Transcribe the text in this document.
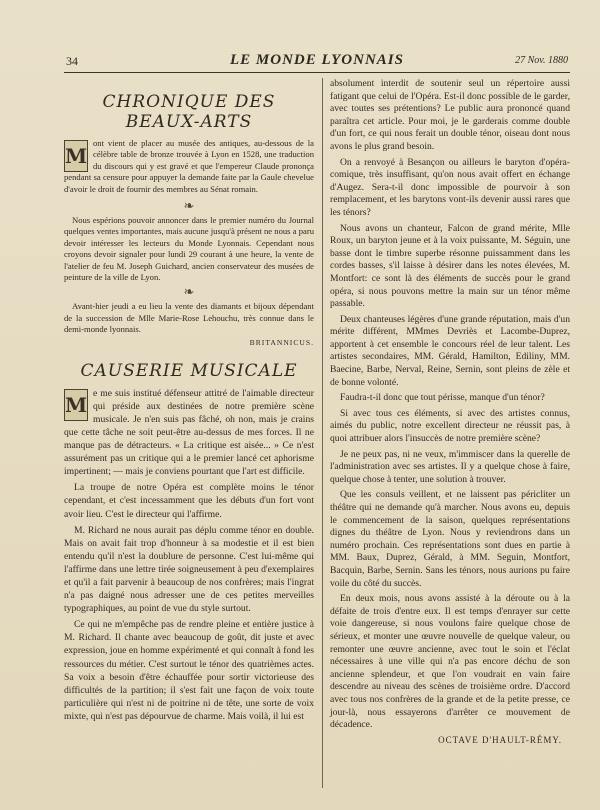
34	LE MONDE LYONNAIS	27 Nov. 1880
CHRONIQUE DES BEAUX-ARTS
M

ont vient de placer au musée des antiques, au-dessous de la célèbre table de bronze trouvée à Lyon en 1528, une traduction du discours qui y est gravé et que l'empereur Claude prononça pendant sa censure pour appuyer la demande faite par la Gaule chevelue d'avoir le droit de fournir des membres au Sénat romain.

❧

Nous espérions pouvoir annoncer dans le premier numéro du Journal quelques ventes importantes, mais aucune jusqu'à présent ne nous a paru devoir intéresser les lecteurs du Monde Lyonnais. Cependant nous croyons devoir signaler pour lundi 29 courant à une heure, la vente de l'atelier de feu M. Joseph Guichard, ancien conservateur des musées de peinture de la ville de Lyon.

❧

Avant-hier jeudi a eu lieu la vente des diamants et bijoux dépendant de la succession de Mlle Marie-Rose Lehouchu, très connue dans le demi-monde lyonnais.

BRITANNICUS.
CAUSERIE MUSICALE
M e me suis institué défenseur attitré de l'aimable directeur qui préside aux destinées de notre première scène musicale. Je n'en suis pas fâché, oh non, mais je crains que cette tâche ne soit peut-être au-dessus de mes forces. Il ne manque pas de détracteurs. « La critique est aisée... » Ce n'est assurément pas un critique qui a le premier lancé cet aphorisme impertinent; — mais je conviens pourtant que l'art est difficile.

La troupe de notre Opéra est complète moins le ténor cependant, et c'est incessamment que les débuts d'un fort vont avoir lieu. C'est le directeur qui l'affirme.

M. Richard ne nous aurait pas déplu comme ténor en double. Mais on avait fait trop d'honneur à sa modestie et il est bien entendu qu'il n'est la doublure de personne. C'est lui-même qui l'affirme dans une lettre tirée soigneusement à peu d'exemplaires et qu'il a fait parvenir à beaucoup de nos confrères; mais l'ingrat n'a pas daigné nous adresser une de ces petites merveilles typographiques, au point de vue du style surtout.

Ce qui ne m'empêche pas de rendre pleine et entière justice à M. Richard. Il chante avec beaucoup de goût, dit juste et avec expression, joue en homme expérimenté et qui connaît à fond les ressources du métier. C'est surtout le ténor des quatrièmes actes. Sa voix a besoin d'être échauffée pour sortir victorieuse des difficultés de la partition; il s'est fait une façon de voix toute particulière qui n'est ni de poitrine ni de tête, une sorte de voix mixte, qui n'est pas dépourvue de charme. Mais voilà, il lui est

absolument interdit de soutenir seul un répertoire aussi fatigant que celui de l'Opéra. Est-il donc possible de le garder, avec toutes ses prétentions? Le public aura prononcé quand paraîtra cet article. Pour moi, je le garderais comme double d'un fort, ce qui nous ferait un double ténor, oiseau dont nous avons le plus grand besoin.

On a renvoyé à Besançon ou ailleurs le baryton d'opéra-comique, très insuffisant, qu'on nous avait offert en échange d'Augez. Sera-t-il donc impossible de pourvoir à son remplacement, et les barytons vont-ils devenir aussi rares que les ténors?

Nous avons un chanteur, Falcon de grand mérite, Mlle Roux, un baryton jeune et à la voix puissante, M. Séguin, une basse dont le timbre superbe résonne puissamment dans les cordes basses, s'il laisse à désirer dans les notes élevées, M. Montfort: ce sont là des éléments de succès pour le grand opéra, si nous pouvons mettre la main sur un ténor même passable.

Deux chanteuses légères d'une grande réputation, mais d'un mérite différent, MMmes Devriès et Lacombe-Duprez, apportent à cet ensemble le concours réel de leur talent. Les artistes secondaires, MM. Gérald, Hamilton, Ediliny, MM. Baecine, Barbe, Nerval, Reine, Sernin, sont pleins de zèle et de bonne volonté.

Faudra-t-il donc que tout périsse, manque d'un ténor?

Si avec tous ces éléments, si avec des artistes connus, aimés du public, notre excellent directeur ne réussit pas, à quoi attribuer alors l'insuccès de notre première scène?

Je ne peux pas, ni ne veux, m'immiscer dans la querelle de l'administration avec ses artistes. Il y a quelque chose à faire, quelque chose à tenter, une solution à trouver.

Que les consuls veillent, et ne laissent pas péricliter un théâtre qui ne demande qu'à marcher. Nous avons eu, depuis le commencement de la saison, quelques représentations dignes du théâtre de Lyon. Nous y reviendrons dans un numéro prochain. Ces représentations sont dues en partie à MM. Baux, Duprez, Gérald, à MM. Seguin, Montfort, Bacquin, Barbe, Sernin. Sans les ténors, nous aurions pu faire voile du côté du succès.

En deux mois, nous avons assisté à la déroute ou à la défaite de trois d'entre eux. Il est temps d'enrayer sur cette voie dangereuse, si nous voulons faire quelque chose de sérieux, et monter une œuvre nouvelle de quelque valeur, ou remonter une œuvre ancienne, avec tout le soin et l'éclat nécessaires à une ville qui n'a pas encore déchu de son ancienne splendeur, et que l'on voudrait en vain faire descendre au niveau des scènes de troisième ordre. D'accord avec tous nos confrères de la grande et de la petite presse, ce jour-là, nous essayerons d'arrêter ce mouvement de décadence.

OCTAVE D'HAULT-RÉMY.
